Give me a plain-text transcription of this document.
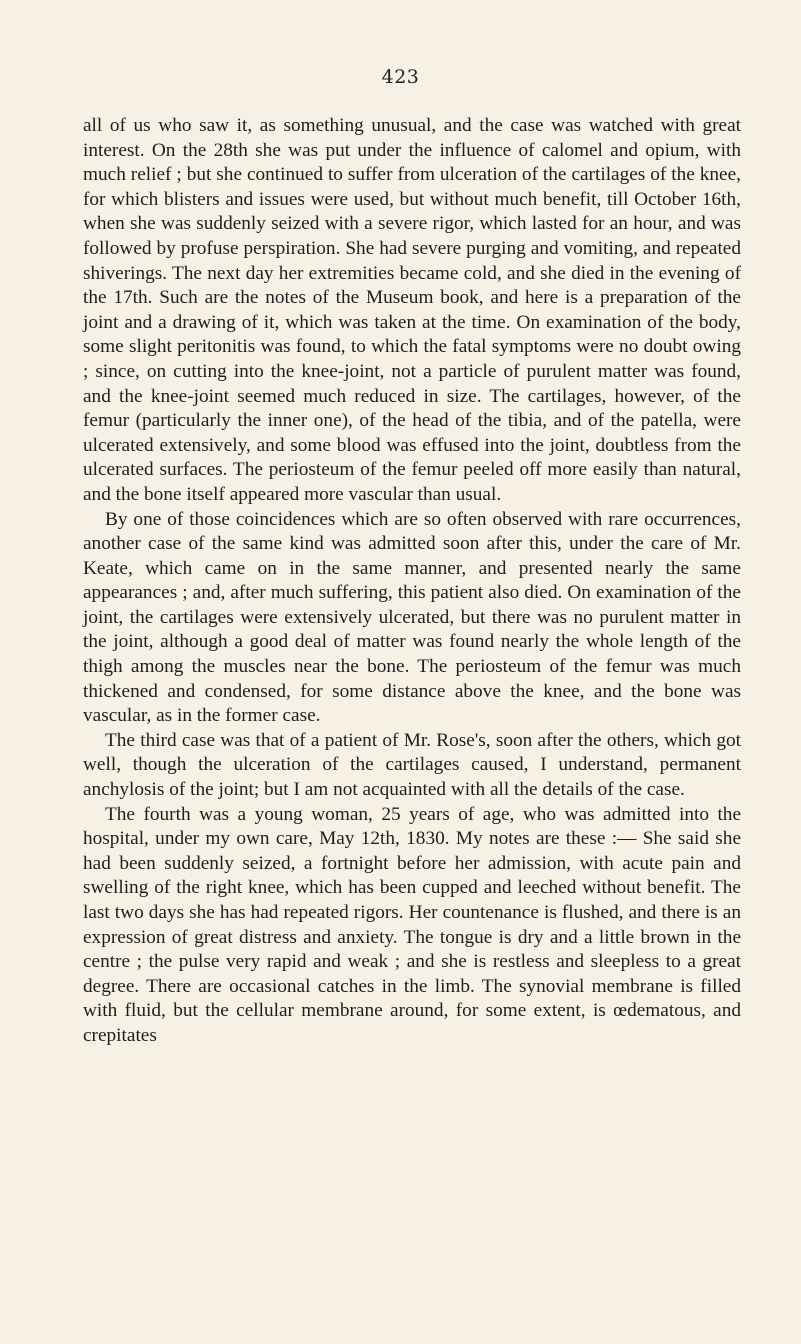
423

all of us who saw it, as something unusual, and the case was watched with great interest. On the 28th she was put under the influence of calomel and opium, with much relief ; but she continued to suffer from ulceration of the cartilages of the knee, for which blisters and issues were used, but without much benefit, till October 16th, when she was suddenly seized with a severe rigor, which lasted for an hour, and was followed by profuse perspiration. She had severe purging and vomiting, and repeated shiverings. The next day her extremities became cold, and she died in the evening of the 17th. Such are the notes of the Museum book, and here is a preparation of the joint and a drawing of it, which was taken at the time. On examination of the body, some slight peritonitis was found, to which the fatal symptoms were no doubt owing ; since, on cutting into the knee-joint, not a particle of purulent matter was found, and the knee-joint seemed much reduced in size. The cartilages, however, of the femur (particularly the inner one), of the head of the tibia, and of the patella, were ulcerated extensively, and some blood was effused into the joint, doubtless from the ulcerated surfaces. The periosteum of the femur peeled off more easily than natural, and the bone itself appeared more vascular than usual.

By one of those coincidences which are so often observed with rare occurrences, another case of the same kind was admitted soon after this, under the care of Mr. Keate, which came on in the same manner, and presented nearly the same appearances ; and, after much suffering, this patient also died. On examination of the joint, the cartilages were extensively ulcerated, but there was no purulent matter in the joint, although a good deal of matter was found nearly the whole length of the thigh among the muscles near the bone. The periosteum of the femur was much thickened and condensed, for some distance above the knee, and the bone was vascular, as in the former case.

The third case was that of a patient of Mr. Rose's, soon after the others, which got well, though the ulceration of the cartilages caused, I understand, permanent anchylosis of the joint; but I am not acquainted with all the details of the case.

The fourth was a young woman, 25 years of age, who was admitted into the hospital, under my own care, May 12th, 1830. My notes are these :— She said she had been suddenly seized, a fortnight before her admission, with acute pain and swelling of the right knee, which has been cupped and leeched without benefit. The last two days she has had repeated rigors. Her countenance is flushed, and there is an expression of great distress and anxiety. The tongue is dry and a little brown in the centre ; the pulse very rapid and weak ; and she is restless and sleepless to a great degree. There are occasional catches in the limb. The synovial membrane is filled with fluid, but the cellular membrane around, for some extent, is œdematous, and crepitates
